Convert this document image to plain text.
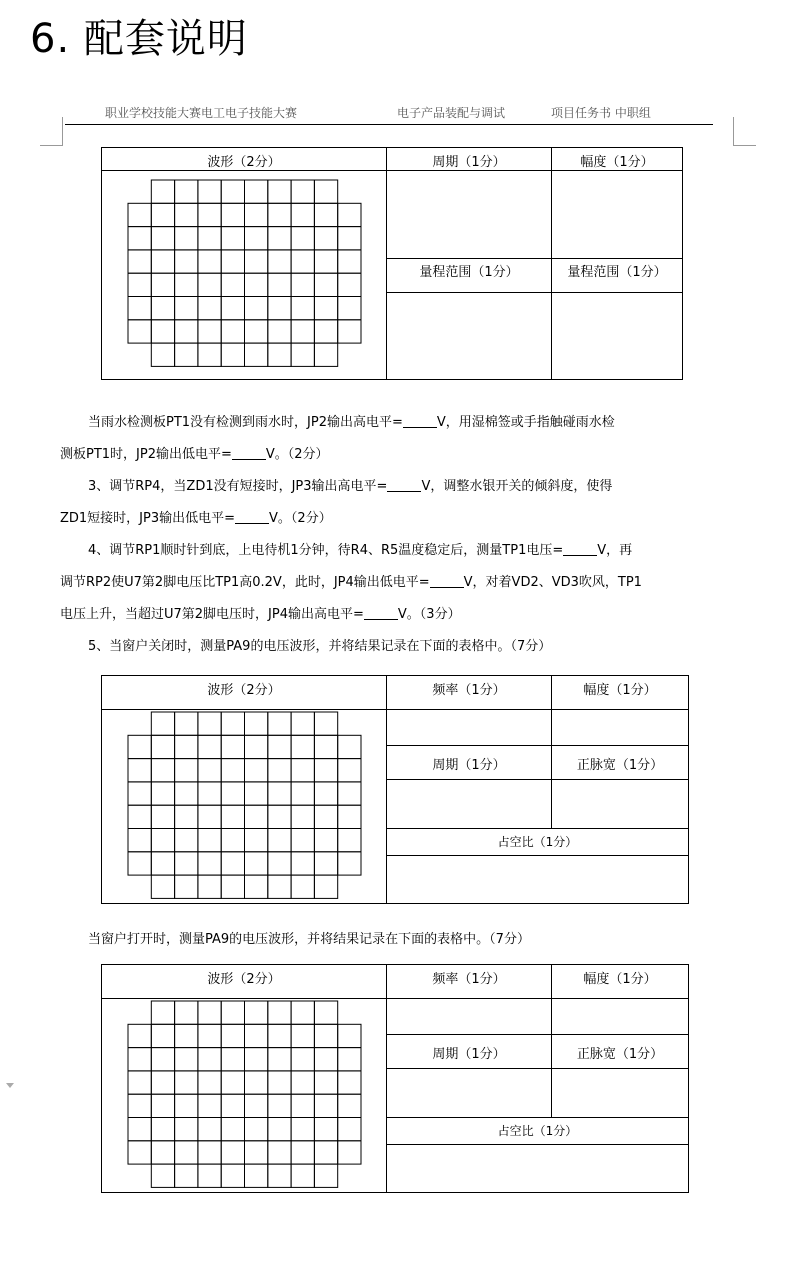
6. 配套说明
职业学校技能大赛电工电子技能大赛	电子产品装配与调试	项目任务书 中职组
波形（2分）	周期（1分）	幅度（1分）
量程范围（1分）	量程范围（1分）
当雨水检测板PT1没有检测到雨水时，JP2输出高电平=	V，用湿棉签或手指触碰雨水检
测板PT1时，JP2输出低电平=	V。（2分）
3、调节RP4，当ZD1没有短接时，JP3输出高电平=	V，调整水银开关的倾斜度，使得
ZD1短接时，JP3输出低电平=	V。（2分）
4、调节RP1顺时针到底，上电待机1分钟，待R4、R5温度稳定后，测量TP1电压=	V，再
调节RP2使U7第2脚电压比TP1高0.2V，此时，JP4输出低电平=	V，对着VD2、VD3吹风，TP1
电压上升，当超过U7第2脚电压时，JP4输出高电平=	V。（3分）
5、当窗户关闭时，测量PA9的电压波形，并将结果记录在下面的表格中。（7分）
波形（2分）	频率（1分）	幅度（1分）
周期（1分）	正脉宽（1分）
占空比（1分）
当窗户打开时，测量PA9的电压波形，并将结果记录在下面的表格中。（7分）
波形（2分）	频率（1分）	幅度（1分）
周期（1分）	正脉宽（1分）
占空比（1分）
